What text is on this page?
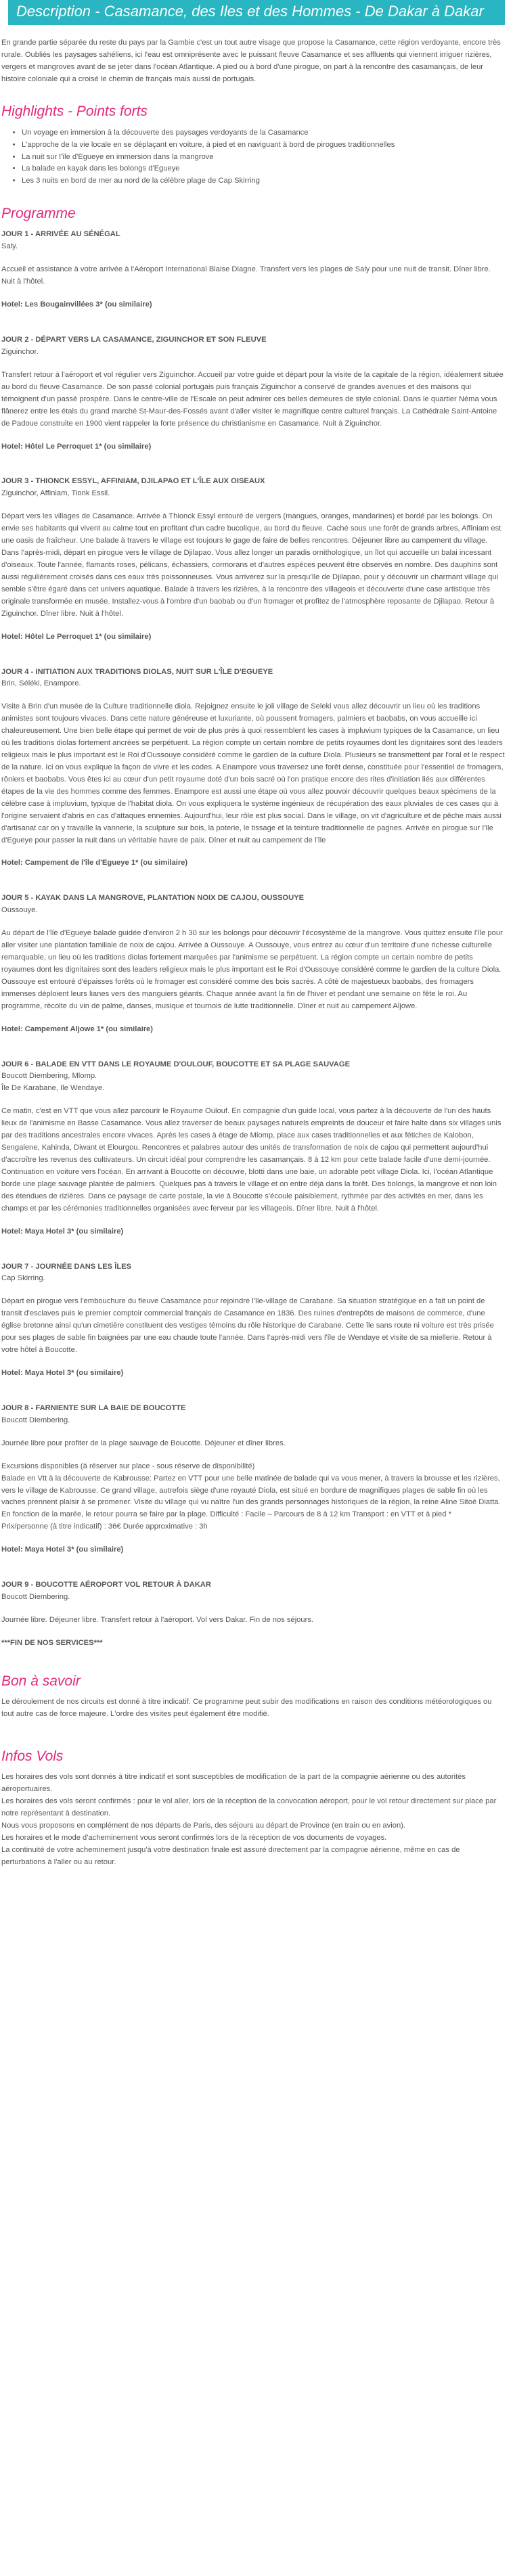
Description - Casamance, des Iles et des Hommes - De Dakar à Dakar

En grande partie séparée du reste du pays par la Gambie c'est un tout autre visage que propose la Casamance, cette région verdoyante, encore très rurale. Oubliés les paysages sahéliens, ici l'eau est omniprésente avec le puissant fleuve Casamance et ses affluents qui viennent irriguer rizières, vergers et mangroves avant de se jeter dans l'océan Atlantique. A pied ou à bord d'une pirogue, on part à la rencontre des casamançais, de leur histoire coloniale qui a croisé le chemin de français mais aussi de portugais.

Highlights - Points forts
• Un voyage en immersion à la découverte des paysages verdoyants de la Casamance
• L'approche de la vie locale en se déplaçant en voiture, à pied et en naviguant à bord de pirogues traditionnelles
• La nuit sur l'île d'Egueye en immersion dans la mangrove
• La balade en kayak dans les bolongs d'Egueye
• Les 3 nuits en bord de mer au nord de la célèbre plage de Cap Skirring
Programme

JOUR 1 - ARRIVÉE AU SÉNÉGAL

Saly.

Accueil et assistance à votre arrivée à l'Aéroport International Blaise Diagne. Transfert vers les plages de Saly pour une nuit de transit. Dîner libre. Nuit à l'hôtel.

Hotel: Les Bougainvillées 3* (ou similaire)

JOUR 2 - DÉPART VERS LA CASAMANCE, ZIGUINCHOR ET SON FLEUVE

Ziguinchor.

Transfert retour à l'aéroport et vol régulier vers Ziguinchor. Accueil par votre guide et départ pour la visite de la capitale de la région, idéalement située au bord du fleuve Casamance. De son passé colonial portugais puis français Ziguinchor a conservé de grandes avenues et des maisons qui témoignent d'un passé prospère. Dans le centre-ville de l'Escale on peut admirer ces belles demeures de style colonial. Dans le quartier Néma vous flânerez entre les étals du grand marché St-Maur-des-Fossés avant d'aller visiter le magnifique centre culturel français. La Cathédrale Saint-Antoine de Padoue construite en 1900 vient rappeler la forte présence du christianisme en Casamance. Nuit à Ziguinchor.

Hotel: Hôtel Le Perroquet 1* (ou similaire)

JOUR 3 - THIONCK ESSYL, AFFINIAM, DJILAPAO ET L'ÎLE AUX OISEAUX

Ziguinchor, Affiniam, Tionk Essil.

Départ vers les villages de Casamance. Arrivée à Thionck Essyl entouré de vergers (mangues, oranges, mandarines) et bordé par les bolongs. On envie ses habitants qui vivent au calme tout en profitant d'un cadre bucolique, au bord du fleuve. Caché sous une forêt de grands arbres, Affiniam est une oasis de fraîcheur. Une balade à travers le village est toujours le gage de faire de belles rencontres. Déjeuner libre au campement du village. Dans l'après-midi, départ en pirogue vers le village de Djilapao. Vous allez longer un paradis ornithologique, un îlot qui accueille un balai incessant d'oiseaux. Toute l'année, flamants roses, pélicans, échassiers, cormorans et d'autres espèces peuvent être observés en nombre. Des dauphins sont aussi régulièrement croisés dans ces eaux très poissonneuses. Vous arriverez sur la presqu'île de Djilapao, pour y découvrir un charmant village qui semble s'être égaré dans cet univers aquatique. Balade à travers les rizières, à la rencontre des villageois et découverte d'une case artistique très originale transformée en musée. Installez-vous à l'ombre d'un baobab ou d'un fromager et profitez de l'atmosphère reposante de Djilapao. Retour à Ziguinchor. Dîner libre. Nuit à l'hôtel.

Hotel: Hôtel Le Perroquet 1* (ou similaire)

JOUR 4 - INITIATION AUX TRADITIONS DIOLAS, NUIT SUR L'ÎLE D'EGUEYE

Brin, Séléki, Enampore.

Visite à Brin d'un musée de la Culture traditionnelle diola. Rejoignez ensuite le joli village de Seleki vous allez découvrir un lieu où les traditions animistes sont toujours vivaces. Dans cette nature généreuse et luxuriante, où poussent fromagers, palmiers et baobabs, on vous accueille ici chaleureusement. Une bien belle étape qui permet de voir de plus près à quoi ressemblent les cases à impluvium typiques de la Casamance, un lieu où les traditions diolas fortement ancrées se perpétuent. La région compte un certain nombre de petits royaumes dont les dignitaires sont des leaders religieux mais le plus important est le Roi d'Oussouye considéré comme le gardien de la culture Diola. Plusieurs se transmettent par l'oral et le respect de la nature. Ici on vous explique la façon de vivre et les codes. A Enampore vous traversez une forêt dense, constituée pour l'essentiel de fromagers, rôniers et baobabs. Vous êtes ici au cœur d'un petit royaume doté d'un bois sacré où l'on pratique encore des rites d'initiation liés aux différentes étapes de la vie des hommes comme des femmes. Enampore est aussi une étape où vous allez pouvoir découvrir quelques beaux spécimens de la célèbre case à impluvium, typique de l'habitat diola. On vous expliquera le système ingénieux de récupération des eaux pluviales de ces cases qui à l'origine servaient d'abris en cas d'attaques ennemies. Aujourd'hui, leur rôle est plus social. Dans le village, on vit d'agriculture et de pêche mais aussi d'artisanat car on y travaille la vannerie, la sculpture sur bois, la poterie, le tissage et la teinture traditionnelle de pagnes. Arrivée en pirogue sur l'île d'Egueye pour passer la nuit dans un véritable havre de paix. Dîner et nuit au campement de l'île

Hotel: Campement de l'île d'Egueye 1* (ou similaire)

JOUR 5 - KAYAK DANS LA MANGROVE, PLANTATION NOIX DE CAJOU, OUSSOUYE

Oussouye.

Au départ de l'île d'Egueye balade guidée d'environ 2 h 30 sur les bolongs pour découvrir l'écosystème de la mangrove. Vous quittez ensuite l'île pour aller visiter une plantation familiale de noix de cajou. Arrivée à Oussouye. A Oussouye, vous entrez au cœur d'un territoire d'une richesse culturelle remarquable, un lieu où les traditions diolas fortement marquées par l'animisme se perpétuent. La région compte un certain nombre de petits royaumes dont les dignitaires sont des leaders religieux mais le plus important est le Roi d'Oussouye considéré comme le gardien de la culture Diola. Oussouye est entouré d'épaisses forêts où le fromager est considéré comme des bois sacrés. A côté de majestueux baobabs, des fromagers immenses déploient leurs lianes vers des manguiers géants. Chaque année avant la fin de l'hiver et pendant une semaine on fête le roi. Au programme, récolte du vin de palme, danses, musique et tournois de lutte traditionnelle. Dîner et nuit au campement Aljowe.

Hotel: Campement Aljowe 1* (ou similaire)

JOUR 6 - BALADE EN VTT DANS LE ROYAUME D'OULOUF, BOUCOTTE ET SA PLAGE SAUVAGE

Boucott Diembering, Mlomp.
Île De Karabane, Ile Wendaye.

Ce matin, c'est en VTT que vous allez parcourir le Royaume Oulouf. En compagnie d'un guide local, vous partez à la découverte de l'un des hauts lieux de l'animisme en Basse Casamance. Vous allez traverser de beaux paysages naturels empreints de douceur et faire halte dans six villages unis par des traditions ancestrales encore vivaces. Après les cases à étage de Mlomp, place aux cases traditionnelles et aux fétiches de Kalobon, Sengalene, Kahinda, Diwant et Elourgou. Rencontres et palabres autour des unités de transformation de noix de cajou qui permettent aujourd'hui d'accroître les revenus des cultivateurs. Un circuit idéal pour comprendre les casamançais. 8 à 12 km pour cette balade facile d'une demi-journée. Continuation en voiture vers l'océan. En arrivant à Boucotte on découvre, blotti dans une baie, un adorable petit village Diola. Ici, l'océan Atlantique borde une plage sauvage plantée de palmiers. Quelques pas à travers le village et on entre déjà dans la forêt. Des bolongs, la mangrove et non loin des étendues de rizières. Dans ce paysage de carte postale, la vie à Boucotte s'écoule paisiblement, rythmée par des activités en mer, dans les champs et par les cérémonies traditionnelles organisées avec ferveur par les villageois. Dîner libre. Nuit à l'hôtel.

Hotel: Maya Hotel 3* (ou similaire)

JOUR 7 - JOURNÉE DANS LES ÎLES

Cap Skirring.

Départ en pirogue vers l'embouchure du fleuve Casamance pour rejoindre l'île-village de Carabane. Sa situation stratégique en a fait un point de transit d'esclaves puis le premier comptoir commercial français de Casamance en 1836. Des ruines d'entrepôts de maisons de commerce, d'une église bretonne ainsi qu'un cimetière constituent des vestiges témoins du rôle historique de Carabane. Cette île sans route ni voiture est très prisée pour ses plages de sable fin baignées par une eau chaude toute l'année. Dans l'après-midi vers l'île de Wendaye et visite de sa miellerie. Retour à votre hôtel à Boucotte.

Hotel: Maya Hotel 3* (ou similaire)

JOUR 8 - FARNIENTE SUR LA BAIE DE BOUCOTTE

Boucott Diembering.

Journée libre pour profiter de la plage sauvage de Boucotte. Déjeuner et dîner libres.

Excursions disponibles (à réserver sur place - sous réserve de disponibilité)
Balade en Vtt à la découverte de Kabrousse: Partez en VTT pour une belle matinée de balade qui va vous mener, à travers la brousse et les rizières, vers le village de Kabrousse. Ce grand village, autrefois siège d'une royauté Diola, est situé en bordure de magnifiques plages de sable fin où les vaches prennent plaisir à se promener. Visite du village qui vu naître l'un des grands personnages historiques de la région, la reine Aline Sitoé Diatta. En fonction de la marée, le retour pourra se faire par la plage. Difficulté : Facile – Parcours de 8 à 12 km Transport : en VTT et à pied *
Prix/personne (à titre indicatif) : 36€ Durée approximative : 3h

Hotel: Maya Hotel 3* (ou similaire)

JOUR 9 - BOUCOTTE AÉROPORT VOL RETOUR À DAKAR

Boucott Diembering.

Journée libre. Déjeuner libre. Transfert retour à l'aéroport. Vol vers Dakar. Fin de nos séjours.

***FIN DE NOS SERVICES***

Bon à savoir

Le déroulement de nos circuits est donné à titre indicatif. Ce programme peut subir des modifications en raison des conditions météorologiques ou tout autre cas de force majeure. L'ordre des visites peut également être modifié.

Infos Vols

Les horaires des vols sont donnés à titre indicatif et sont susceptibles de modification de la part de la compagnie aérienne ou des autorités aéroportuaires.
Les horaires des vols seront confirmés : pour le vol aller, lors de la réception de la convocation aéroport, pour le vol retour directement sur place par notre représentant à destination.
Nous vous proposons en complément de nos départs de Paris, des séjours au départ de Province (en train ou en avion).
Les horaires et le mode d'acheminement vous seront confirmés lors de la réception de vos documents de voyages.
La continuité de votre acheminement jusqu'à votre destination finale est assuré directement par la compagnie aérienne, même en cas de perturbations à l'aller ou au retour.
